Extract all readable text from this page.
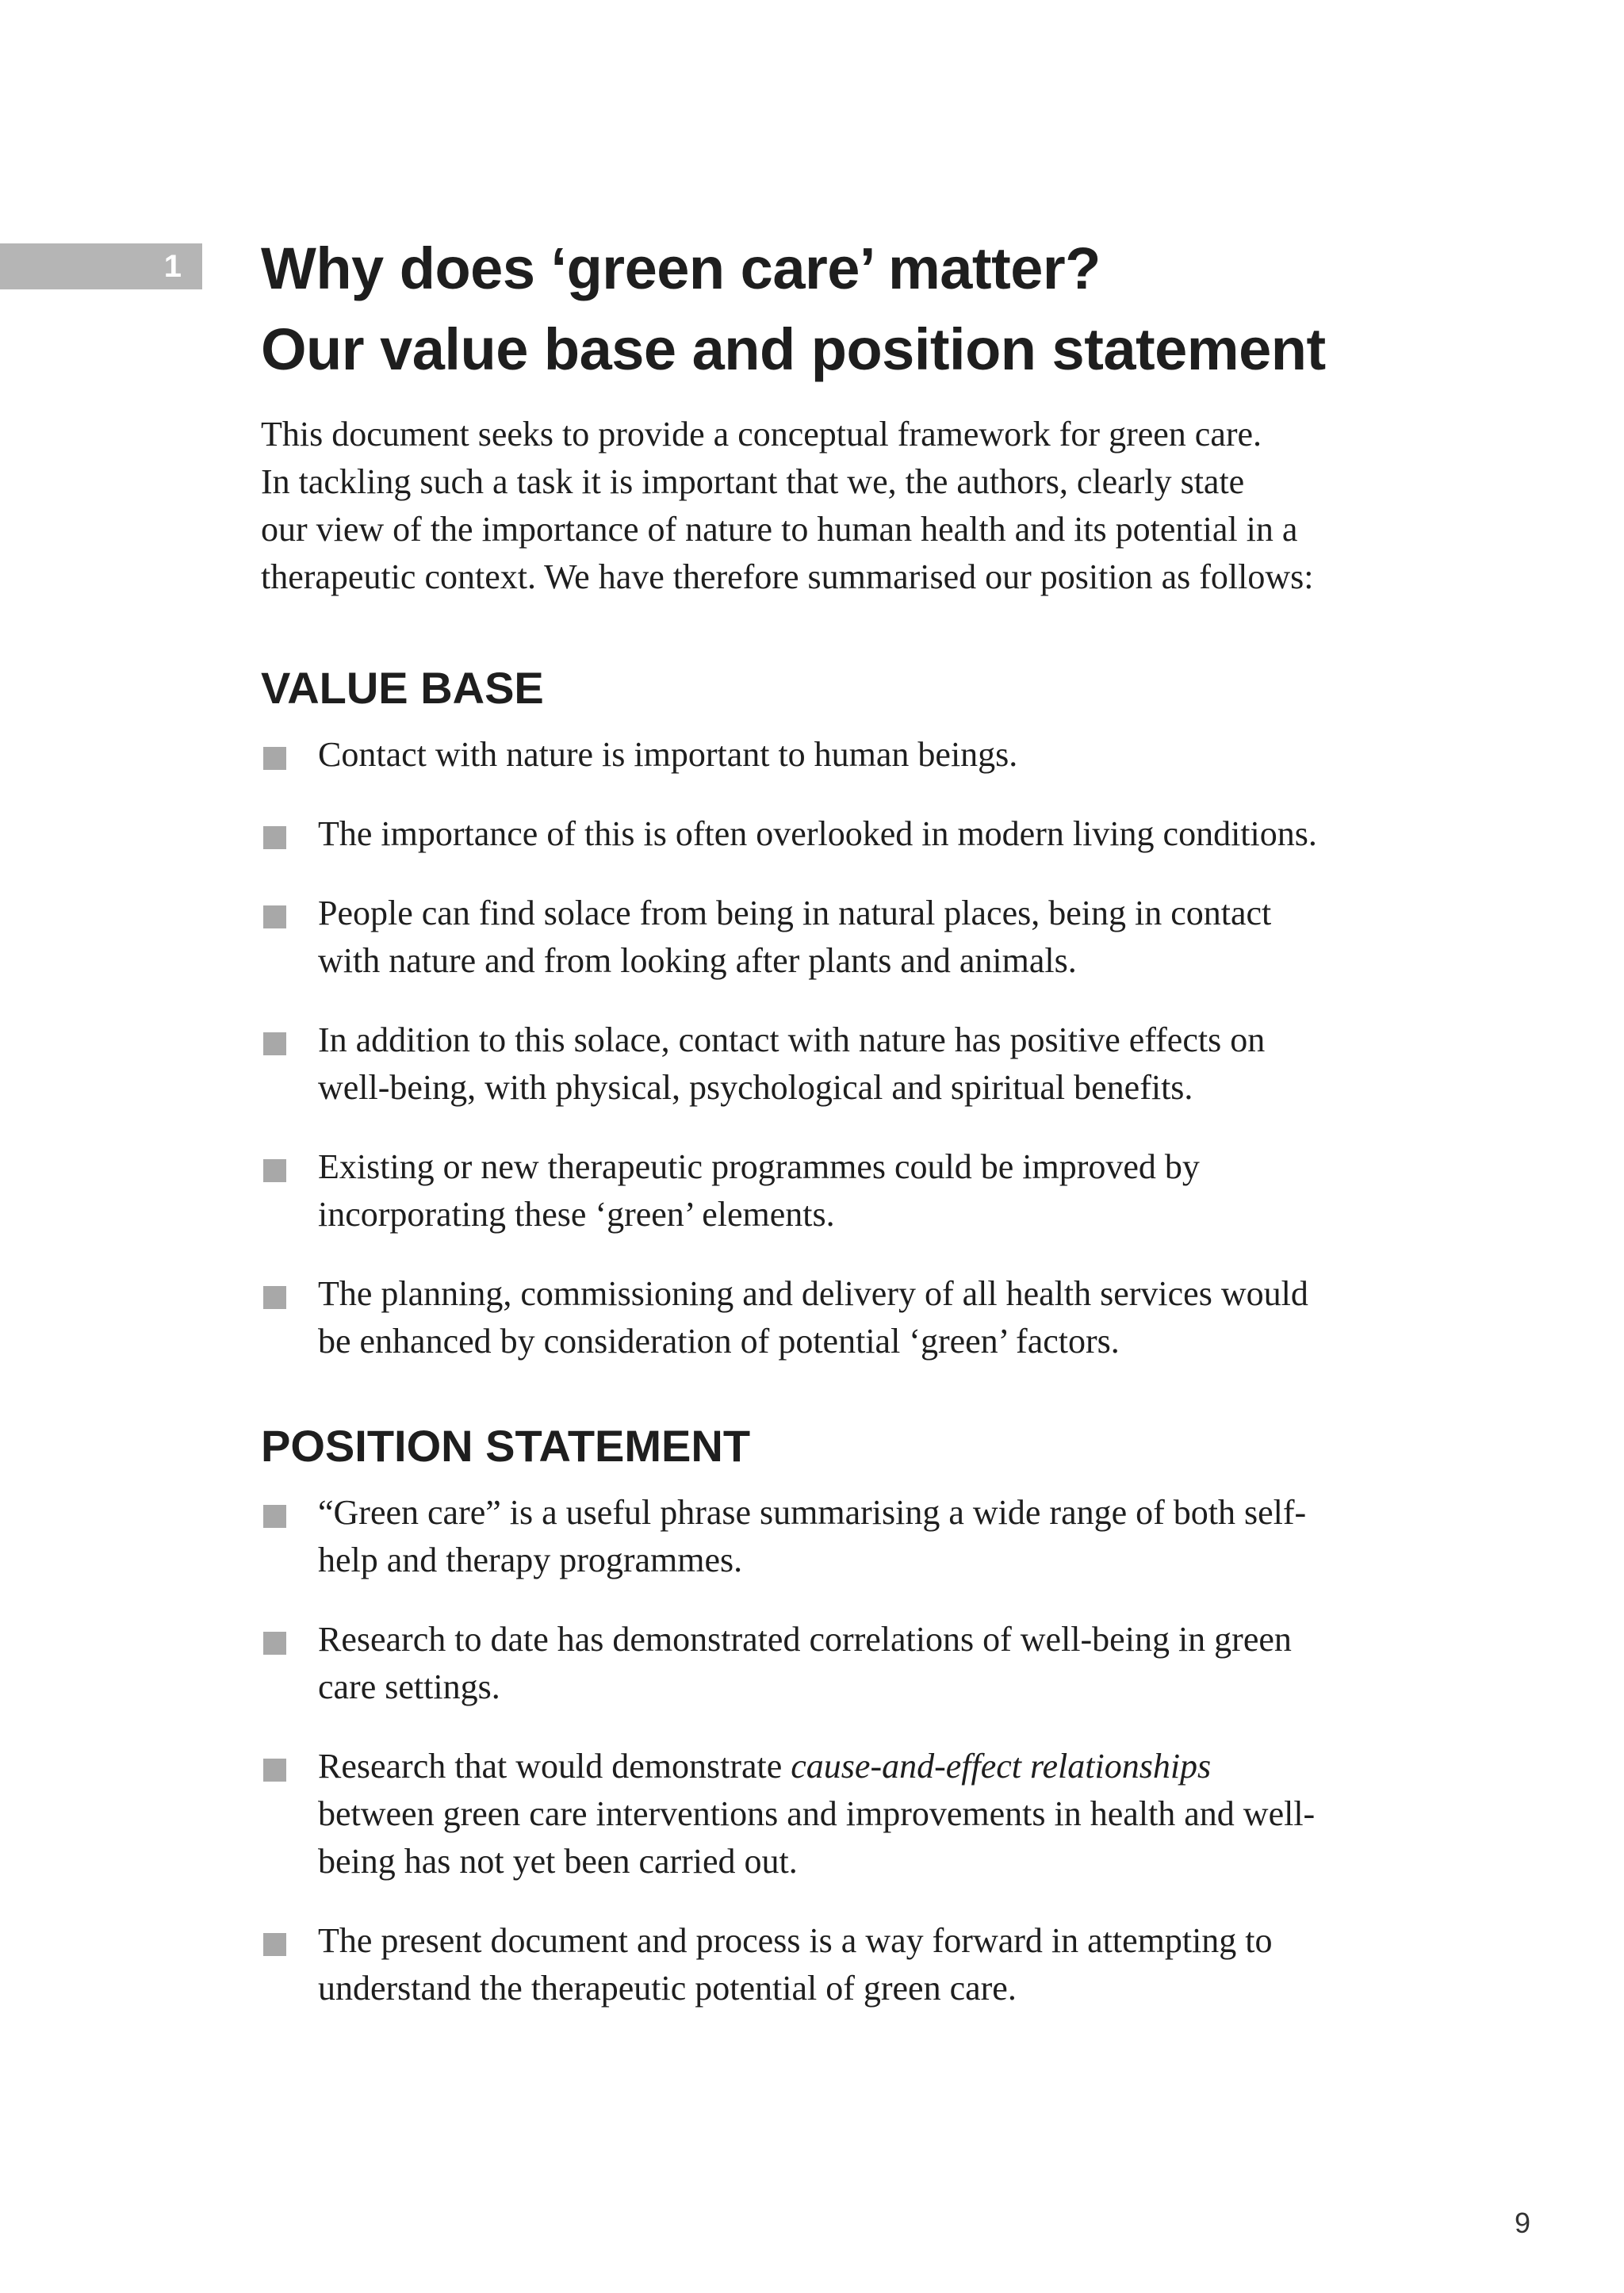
1 Why does ‘green care’ matter?
Our value base and position statement

This document seeks to provide a conceptual framework for green care.
In tackling such a task it is important that we, the authors, clearly state
our view of the importance of nature to human health and its potential in a
therapeutic context. We have therefore summarised our position as follows:

VALUE BASE
Contact with nature is important to human beings.
The importance of this is often overlooked in modern living conditions.
People can find solace from being in natural places, being in contact
with nature and from looking after plants and animals.
In addition to this solace, contact with nature has positive effects on
well-being, with physical, psychological and spiritual benefits.
Existing or new therapeutic programmes could be improved by
incorporating these ‘green’ elements.
The planning, commissioning and delivery of all health services would
be enhanced by consideration of potential ‘green’ factors.
POSITION STATEMENT
“Green care” is a useful phrase summarising a wide range of both self-
help and therapy programmes.
Research to date has demonstrated correlations of well-being in green
care settings.
Research that would demonstrate cause-and-effect relationships
between green care interventions and improvements in health and well-
being has not yet been carried out.
The present document and process is a way forward in attempting to
understand the therapeutic potential of green care.
9
